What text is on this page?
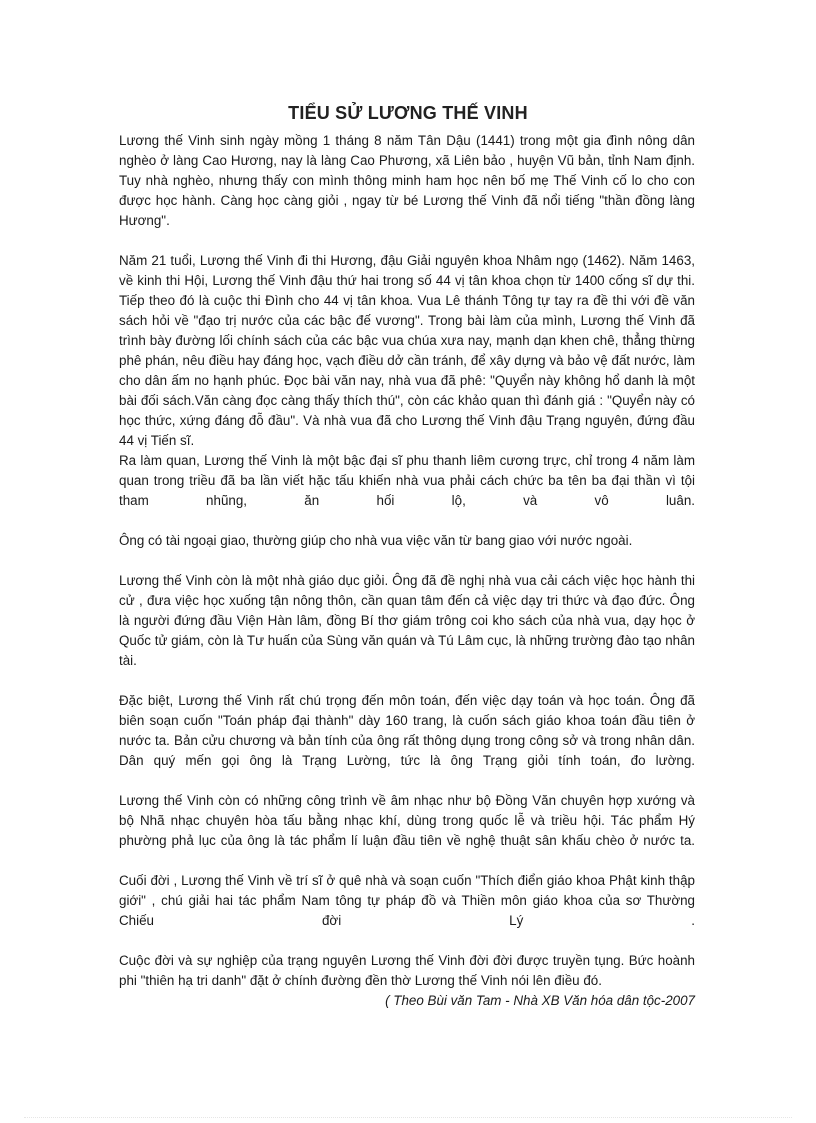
TIỂU SỬ LƯƠNG THẾ VINH

Lương thế Vinh sinh ngày mồng 1 tháng 8 năm Tân Dậu (1441) trong một gia đình nông dân nghèo ở làng Cao Hương, nay là làng Cao Phương, xã Liên bảo , huyện Vũ bản, tỉnh Nam định. Tuy nhà nghèo, nhưng thấy con mình thông minh ham học nên bố mẹ Thế Vinh cố lo cho con được học hành. Càng học càng giỏi , ngay từ bé Lương thế Vinh đã nổi tiếng "thần đồng làng Hương".

Năm 21 tuổi, Lương thế Vinh đi thi Hương, đậu Giải nguyên khoa Nhâm ngọ (1462). Năm 1463, về kinh thi Hội, Lương thế Vinh đậu thứ hai trong số 44 vị tân khoa chọn từ 1400 cống sĩ dự thi. Tiếp theo đó là cuộc thi Đình cho 44 vị tân khoa. Vua Lê thánh Tông tự tay ra đề thi với đề văn sách hỏi về "đạo trị nước của các bậc đế vương". Trong bài làm của mình, Lương thế Vinh đã trình bày đường lối chính sách của các bậc vua chúa xưa nay, mạnh dạn khen chê, thẳng thừng phê phán, nêu điều hay đáng học, vạch điều dở cần tránh, để xây dựng và bảo vệ đất nước, làm cho dân ấm no hạnh phúc. Đọc bài văn nay, nhà vua đã phê: "Quyển này không hổ danh là một bài đối sách.Văn càng đọc càng thấy thích thú", còn các khảo quan thì đánh giá : "Quyển này có học thức, xứng đáng đỗ đầu". Và nhà vua đã cho Lương thế Vinh đậu Trạng nguyên, đứng đầu 44 vị Tiến sĩ.

Ra làm quan, Lương thế Vinh là một bậc đại sĩ phu thanh liêm cương trực, chỉ trong 4 năm làm quan trong triều đã ba lần viết hặc tấu khiến nhà vua phải cách chức ba tên ba đại thần vì tội tham nhũng, ăn hối lộ, và vô luân.

Ông có tài ngoại giao, thường giúp cho nhà vua việc văn từ bang giao với nước ngoài.

Lương thế Vinh còn là một nhà giáo dục giỏi. Ông đã đề nghị nhà vua cải cách việc học hành thi cử , đưa việc học xuống tận nông thôn, cần quan tâm đến cả việc dạy tri thức và đạo đức. Ông là người đứng đầu Viện Hàn lâm, đồng Bí thơ giám trông coi kho sách của nhà vua, dạy học ở Quốc tử giám, còn là Tư huấn của Sùng văn quán và Tú Lâm cục, là những trường đào tạo nhân tài.

Đặc biệt, Lương thế Vinh rất chú trọng đến môn toán, đến việc dạy toán và học toán. Ông đã biên soạn cuốn "Toán pháp đại thành" dày 160 trang, là cuốn sách giáo khoa toán đầu tiên ở nước ta. Bản cửu chương và bản tính của ông rất thông dụng trong công sở và trong nhân dân. Dân quý mến gọi ông là Trạng Lường, tức là ông Trạng giỏi tính toán, đo lường.

Lương thế Vinh còn có những công trình về âm nhạc như bộ Đồng Văn chuyên hợp xướng và bộ Nhã nhạc chuyên hòa tấu bằng nhạc khí, dùng trong quốc lễ và triều hội. Tác phẩm Hý phường phả lục của ông là tác phẩm lí luận đầu tiên về nghệ thuật sân khấu chèo ở nước ta.

Cuối đời , Lương thế Vinh về trí sĩ ở quê nhà và soạn cuốn "Thích điển giáo khoa Phật kinh thập giới" , chú giải hai tác phẩm Nam tông tự pháp đồ và Thiền môn giáo khoa của sơ Thường Chiếu đời Lý .

Cuộc đời và sự nghiệp của trạng nguyên Lương thế Vinh đời đời được truyền tụng. Bức hoành phi "thiên hạ tri danh" đặt ở chính đường đền thờ Lương thế Vinh nói lên điều đó.

( Theo Bùi văn Tam - Nhà XB Văn hóa dân tộc-2007
